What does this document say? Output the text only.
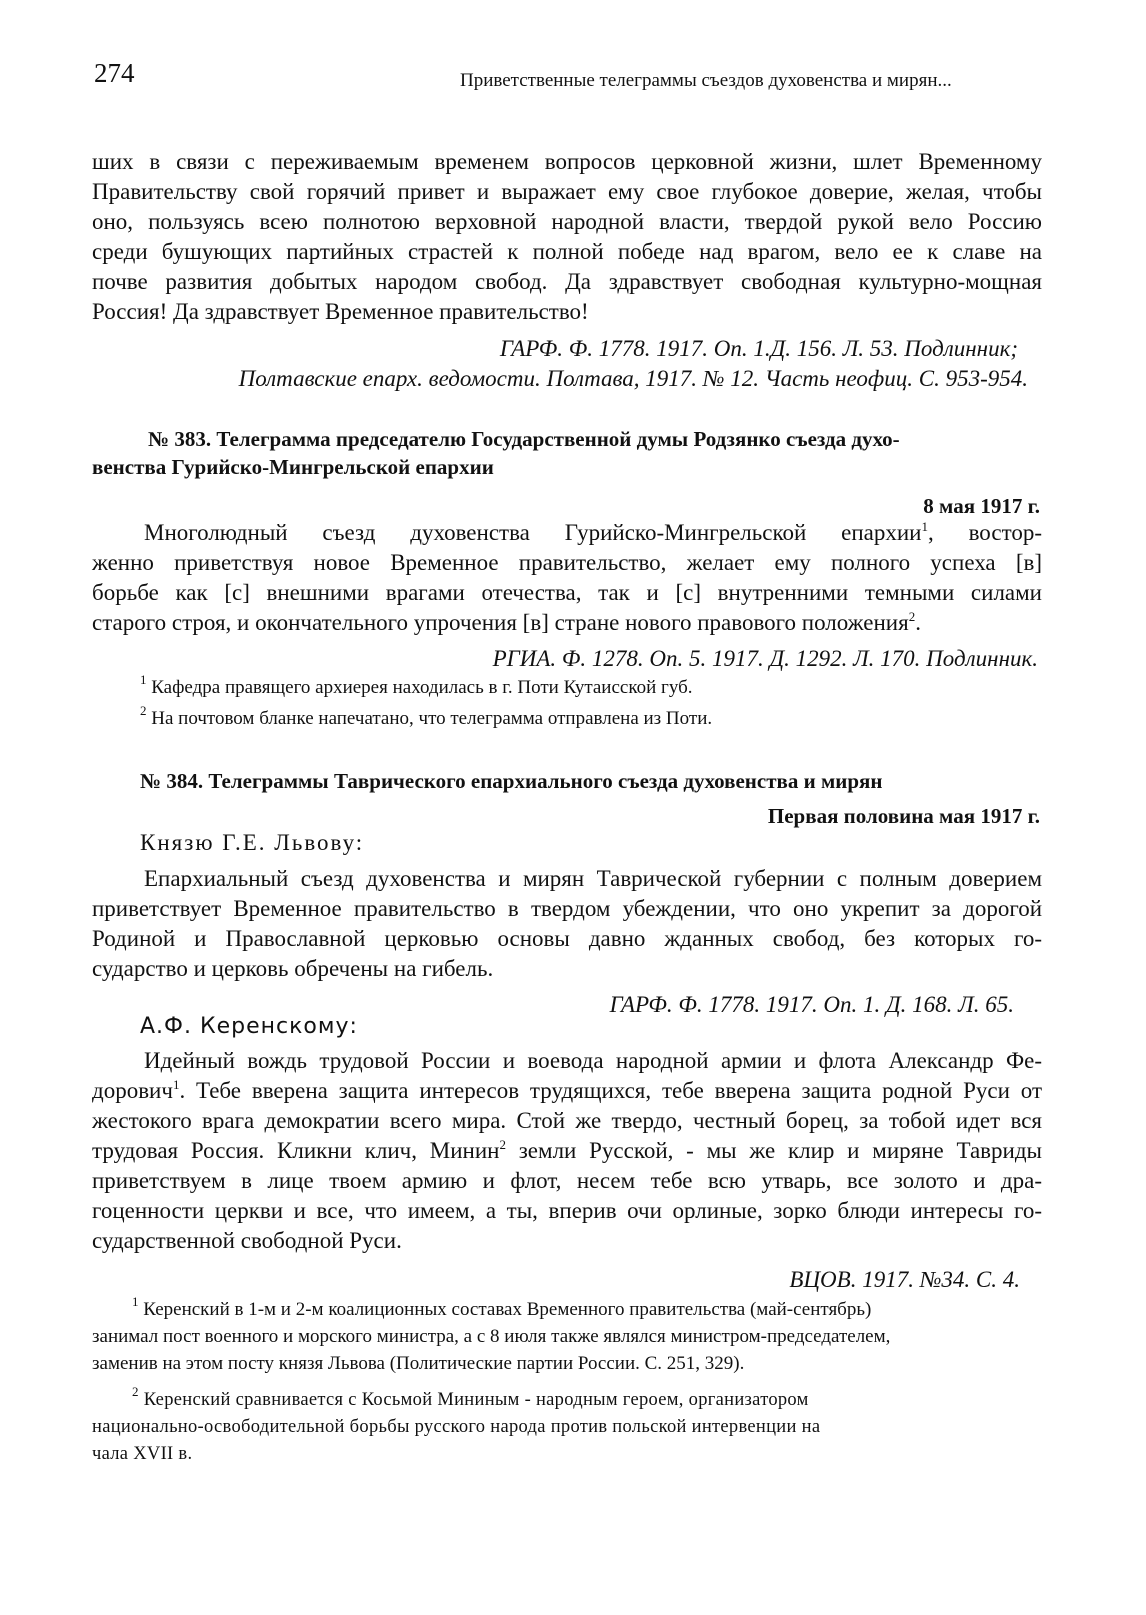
274	Приветственные телеграммы съездов духовенства и мирян...
ших в связи с переживаемым временем вопросов церковной жизни, шлет Временному
Правительству свой горячий привет и выражает ему свое глубокое доверие, желая, чтобы
оно, пользуясь всею полнотою верховной народной власти, твердой рукой вело Россию
среди бушующих партийных страстей к полной победе над врагом, вело ее к славе на
почве развития добытых народом свобод. Да здравствует свободная культурно-мощная
Россия! Да здравствует Временное правительство!
ГАРФ. Ф. 1778. 1917. Оп. 1.Д. 156. Л. 53. Подлинник;
Полтавские епарх. ведомости. Полтава, 1917. № 12. Часть неофиц. С. 953-954.
№ 383. Телеграмма председателю Государственной думы Родзянко съезда духо-
венства Гурийско-Мингрельской епархии
8 мая 1917 г.
Многолюдный съезд духовенства Гурийско-Мингрельской епархии$^1$, востор-
женно приветствуя новое Временное правительство, желает ему полного успеха [в]
борьбе как [с] внешними врагами отечества, так и [с] внутренними темными силами
старого строя, и окончательного упрочения [в] стране нового правового положения$^2$.
РГИА. Ф. 1278. Оп. 5. 1917. Д. 1292. Л. 170. Подлинник.
$^1$ Кафедра правящего архиерея находилась в г. Поти Кутаисской губ.
$^2$ На почтовом бланке напечатано, что телеграмма отправлена из Поти.
№ 384. Телеграммы Таврического епархиального съезда духовенства и мирян
Первая половина мая 1917 г.
Князю Г.Е. Львову:
Епархиальный съезд духовенства и мирян Таврической губернии с полным доверием
приветствует Временное правительство в твердом убеждении, что оно укрепит за дорогой
Родиной и Православной церковью основы давно жданных свобод, без которых го-
сударство и церковь обречены на гибель.
ГАРФ. Ф. 1778. 1917. Оп. 1. Д. 168. Л. 65.
А.Ф. Керенскому:
Идейный вождь трудовой России и воевода народной армии и флота Александр Фе-
дорович$^1$. Тебе вверена защита интересов трудящихся, тебе вверена защита родной Руси от
жестокого врага демократии всего мира. Стой же твердо, честный борец, за тобой идет вся
трудовая Россия. Кликни клич, Минин$^2$ земли Русской, - мы же клир и миряне Тавриды
приветствуем в лице твоем армию и флот, несем тебе всю утварь, все золото и дра-
гоценности церкви и все, что имеем, а ты, вперив очи орлиные, зорко блюди интересы го-
сударственной свободной Руси.
ВЦОВ. 1917. №34. С. 4.
$^1$ Керенский в 1-м и 2-м коалиционных составах Временного правительства (май-сентябрь)
занимал пост военного и морского министра, а с 8 июля также являлся министром-председателем,
заменив на этом посту князя Львова (Политические партии России. С. 251, 329).
$^2$ Керенский сравнивается с Косьмой Мининым - народным героем, организатором
национально-освободительной борьбы русского народа против польской интервенции на
чала XVII в.
